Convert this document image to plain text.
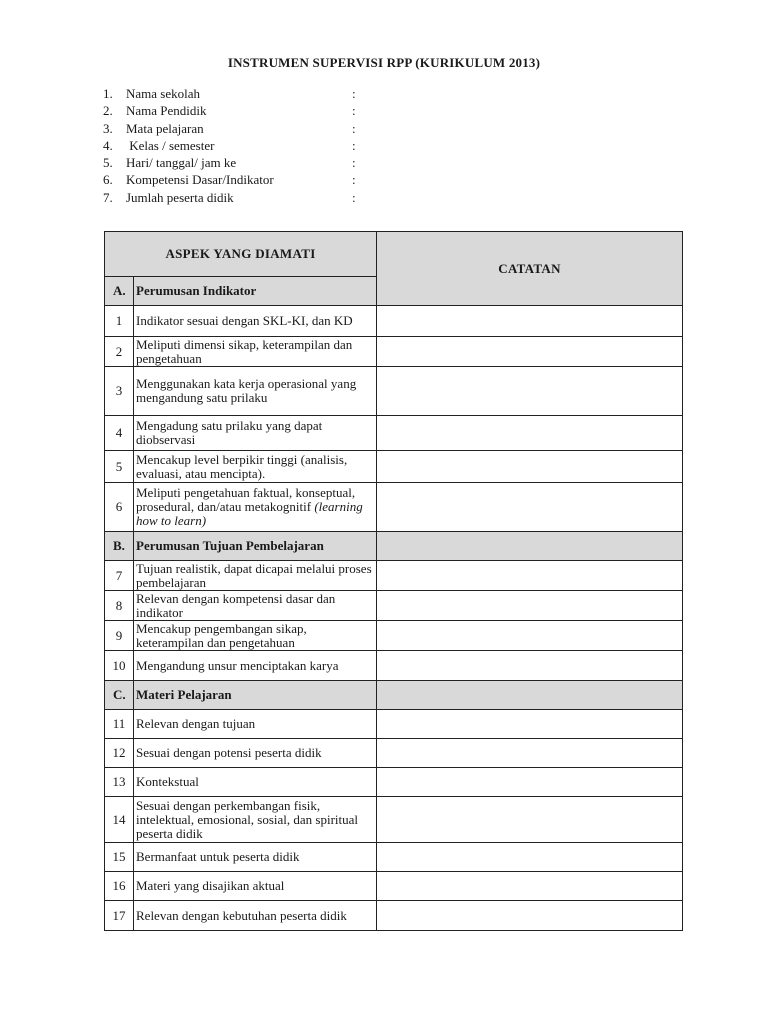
INSTRUMEN SUPERVISI RPP (KURIKULUM 2013)
1. Nama sekolah	:
2. Nama Pendidik	:
3. Mata pelajaran	:
4. Kelas / semester	:
5. Hari/ tanggal/ jam ke	:
6. Kompetensi Dasar/Indikator	:
7. Jumlah peserta didik	:
ASPEK YANG DIAMATI		CATATAN
A.	Perumusan Indikator	
1	Indikator sesuai dengan SKL-KI, dan KD	
2	Meliputi dimensi sikap, keterampilan dan pengetahuan	
3	Menggunakan kata kerja operasional yang mengandung satu prilaku	
4	Mengadung satu prilaku yang dapat diobservasi	
5	Mencakup level berpikir tinggi (analisis, evaluasi, atau mencipta).	
6	Meliputi pengetahuan faktual, konseptual, prosedural, dan/atau metakognitif (learning how to learn)	
B.	Perumusan Tujuan Pembelajaran	
7	Tujuan realistik, dapat dicapai melalui proses pembelajaran	
8	Relevan dengan kompetensi dasar dan indikator	
9	Mencakup pengembangan sikap, keterampilan dan pengetahuan	
10	Mengandung unsur menciptakan karya	
C.	Materi Pelajaran	
11	Relevan dengan tujuan	
12	Sesuai dengan potensi peserta didik	
13	Kontekstual	
14	Sesuai dengan perkembangan fisik, intelektual, emosional, sosial, dan spiritual peserta didik	
15	Bermanfaat untuk peserta didik	
16	Materi yang disajikan aktual	
17	Relevan dengan kebutuhan peserta didik	
